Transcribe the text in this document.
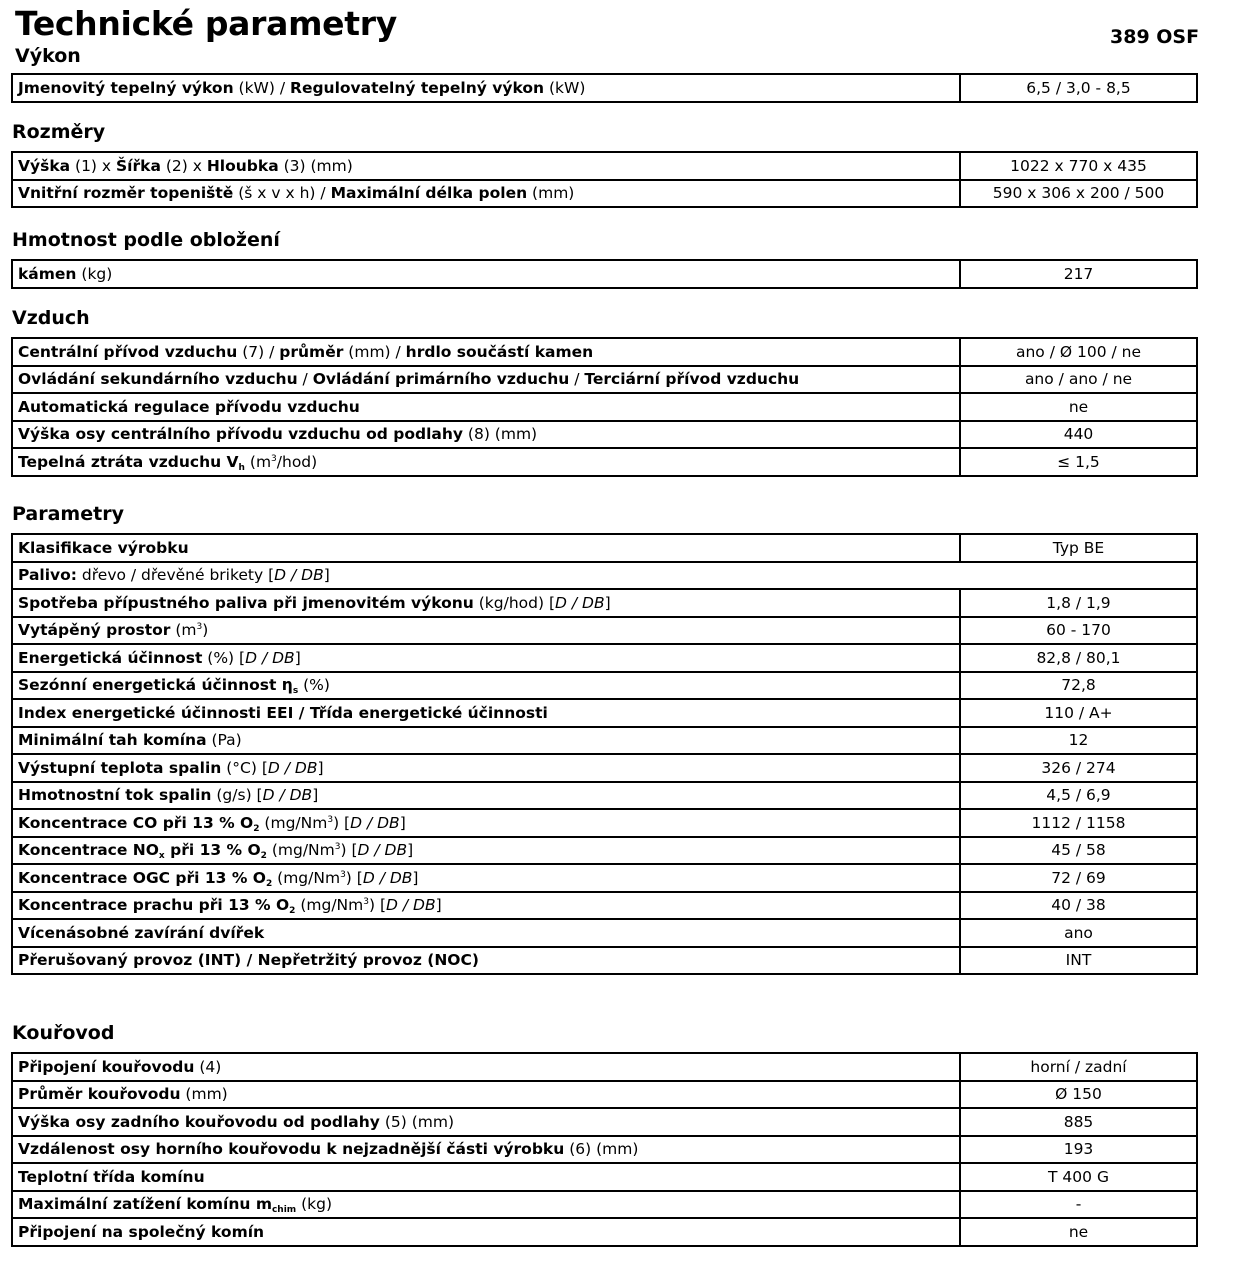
Technické parametry	389 OSF
Výkon
Jmenovitý tepelný výkon (kW) / Regulovatelný tepelný výkon (kW)	6,5 / 3,0 - 8,5
Rozměry
Výška (1) x Šířka (2) x Hloubka (3) (mm)	1022 x 770 x 435
Vnitřní rozměr topeniště (š x v x h) / Maximální délka polen (mm)	590 x 306 x 200 / 500
Hmotnost podle obložení
kámen (kg)	217
Vzduch
Centrální přívod vzduchu (7) / průměr (mm) / hrdlo součástí kamen	ano / Ø 100 / ne
Ovládání sekundárního vzduchu / Ovládání primárního vzduchu / Terciární přívod vzduchu	ano / ano / ne
Automatická regulace přívodu vzduchu	ne
Výška osy centrálního přívodu vzduchu od podlahy (8) (mm)	440
Tepelná ztráta vzduchu $V_h$ $(m^3/hod)$	≤ 1,5
Parametry
Klasifikace výrobku	Typ BE
Palivo: dřevo / dřevěné brikety [D / DB]	
Spotřeba přípustného paliva při jmenovitém výkonu (kg/hod) [D / DB]	1,8 / 1,9
Vytápěný prostor $(m^3)$	60 - 170
Energetická účinnost (%) [D / DB]	82,8 / 80,1
Sezónní energetická účinnost $\eta_s$ (%)	72,8
Index energetické účinnosti EEI / Třída energetické účinnosti	110 / A+
Minimální tah komína (Pa)	12
Výstupní teplota spalin (°C) [D / DB]	326 / 274
Hmotnostní tok spalin (g/s) [D / DB]	4,5 / 6,9
Koncentrace CO při 13 % $O_2$ (mg/Nm$^3$) [D / DB]	1112 / 1158
Koncentrace $NO_x$ při 13 % $O_2$ (mg/Nm$^3$) [D / DB]	45 / 58
Koncentrace OGC při 13 % $O_2$ (mg/Nm$^3$) [D / DB]	72 / 69
Koncentrace prachu při 13 % $O_2$ (mg/Nm$^3$) [D / DB]	40 / 38
Vícenásobné zavírání dvířek	ano
Přerušovaný provoz (INT) / Nepřetržitý provoz (NOC)	INT
Kouřovod
Připojení kouřovodu (4)	horní / zadní
Průměr kouřovodu (mm)	Ø 150
Výška osy zadního kouřovodu od podlahy (5) (mm)	885
Vzdálenost osy horního kouřovodu k nejzadnější části výrobku (6) (mm)	193
Teplotní třída komínu	T 400 G
Maximální zatížení komínu $m_{chim}$ (kg)	-
Připojení na společný komín	ne
